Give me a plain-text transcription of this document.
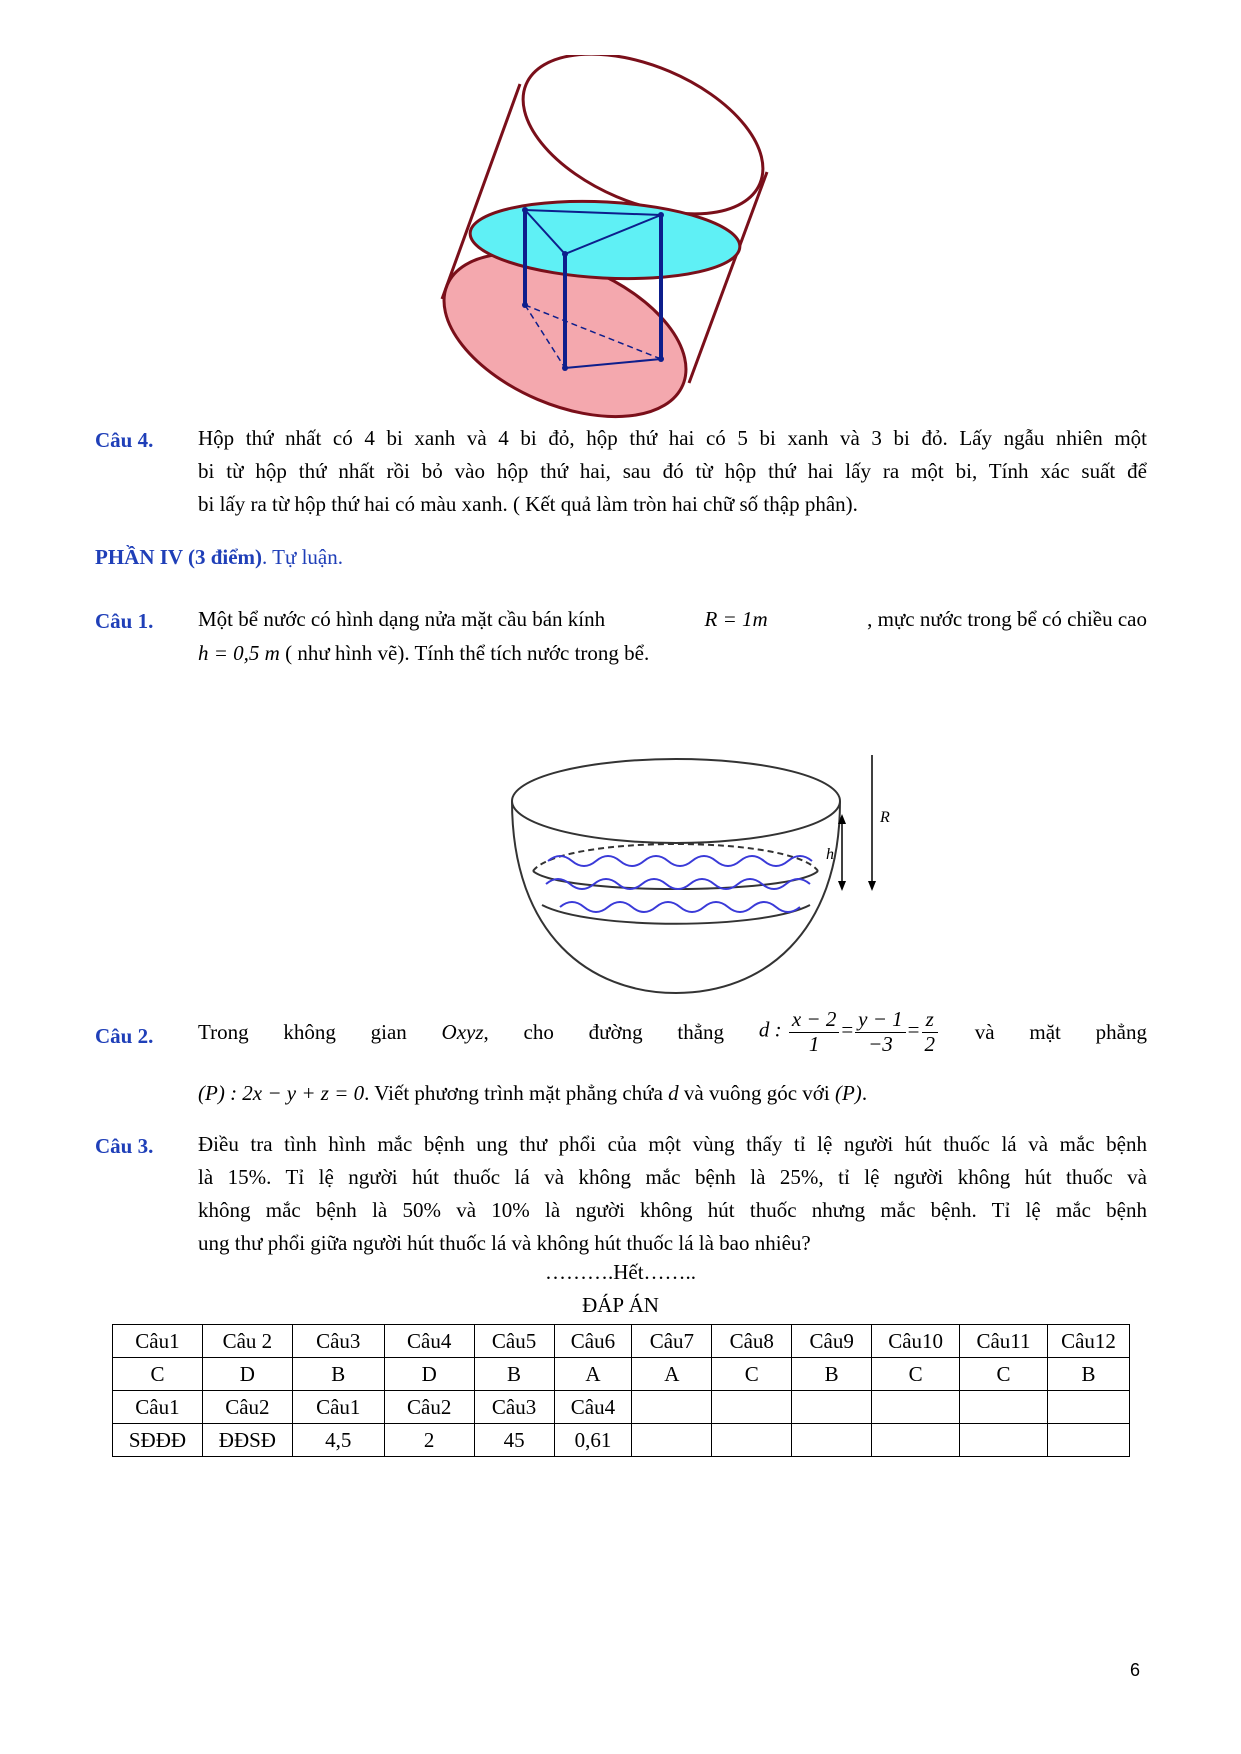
Câu 4. Hộp thứ nhất có 4 bi xanh và 4 bi đỏ, hộp thứ hai có 5 bi xanh và 3 bi đỏ. Lấy ngẫu nhiên một
bi từ hộp thứ nhất rồi bỏ vào hộp thứ hai, sau đó từ hộp thứ hai lấy ra một bi, Tính xác suất để
bi lấy ra từ hộp thứ hai có màu xanh. ( Kết quả làm tròn hai chữ số thập phân).
PHẦN IV (3 điểm). Tự luận.
Câu 1. Một bể nước có hình dạng nửa mặt cầu bán kính	R = 1m	, mực nước trong bể có chiều cao
h = 0,5 m ( như hình vẽ). Tính thể tích nước trong bể.
R
h
Câu 2. Trong không gian Oxyz, cho đường thẳng d : $\frac{x - 2}{1} = \frac{y - 1}{-3} = \frac{z}{2}$ và mặt phẳng
(P) : 2x − y + z = 0. Viết phương trình mặt phẳng chứa d và vuông góc với (P).
Câu 3. Điều tra tình hình mắc bệnh ung thư phổi của một vùng thấy tỉ lệ người hút thuốc lá và mắc bệnh
là 15%. Tỉ lệ người hút thuốc lá và không mắc bệnh là 25%, tỉ lệ người không hút thuốc và
không mắc bệnh là 50% và 10% là người không hút thuốc nhưng mắc bệnh. Tỉ lệ mắc bệnh
ung thư phổi giữa người hút thuốc lá và không hút thuốc lá là bao nhiêu?
……….Hết……..
ĐÁP ÁN
Câu1	Câu 2	Câu3	Câu4	Câu5	Câu6	Câu7	Câu8	Câu9	Câu10	Câu11	Câu12
C	D	B	D	B	A	A	C	B	C	C	B
Câu1	Câu2	Câu1	Câu2	Câu3	Câu4						
SĐĐĐ	ĐĐSĐ	4,5	2	45	0,61						
6
